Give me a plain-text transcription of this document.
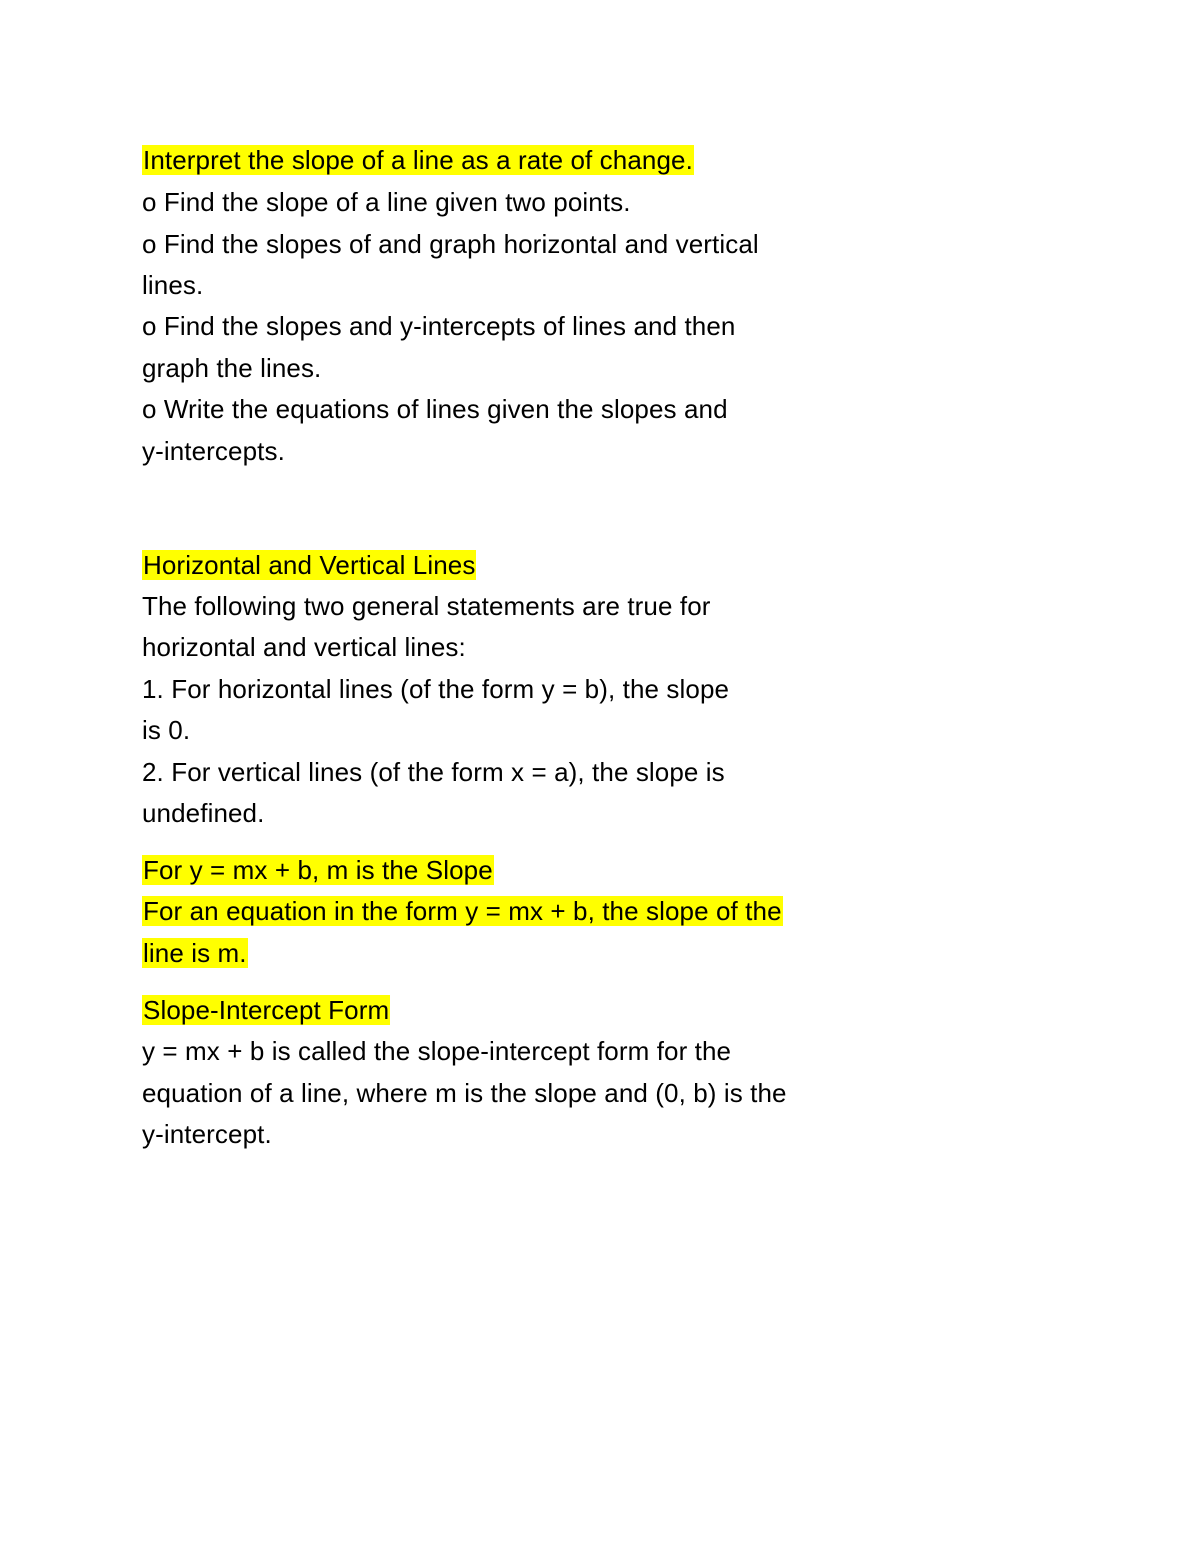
Interpret the slope of a line as a rate of change.
o Find the slope of a line given two points.
o Find the slopes of and graph horizontal and vertical
lines.
o Find the slopes and y-intercepts of lines and then
graph the lines.
o Write the equations of lines given the slopes and
y-intercepts.
Horizontal and Vertical Lines
The following two general statements are true for
horizontal and vertical lines:
1. For horizontal lines (of the form y = b), the slope
is 0.
2. For vertical lines (of the form x = a), the slope is
undefined.
For y = mx + b, m is the Slope
For an equation in the form y = mx + b, the slope of the
line is m.
Slope-Intercept Form
y = mx + b is called the slope-intercept form for the
equation of a line, where m is the slope and (0, b) is the
y-intercept.
